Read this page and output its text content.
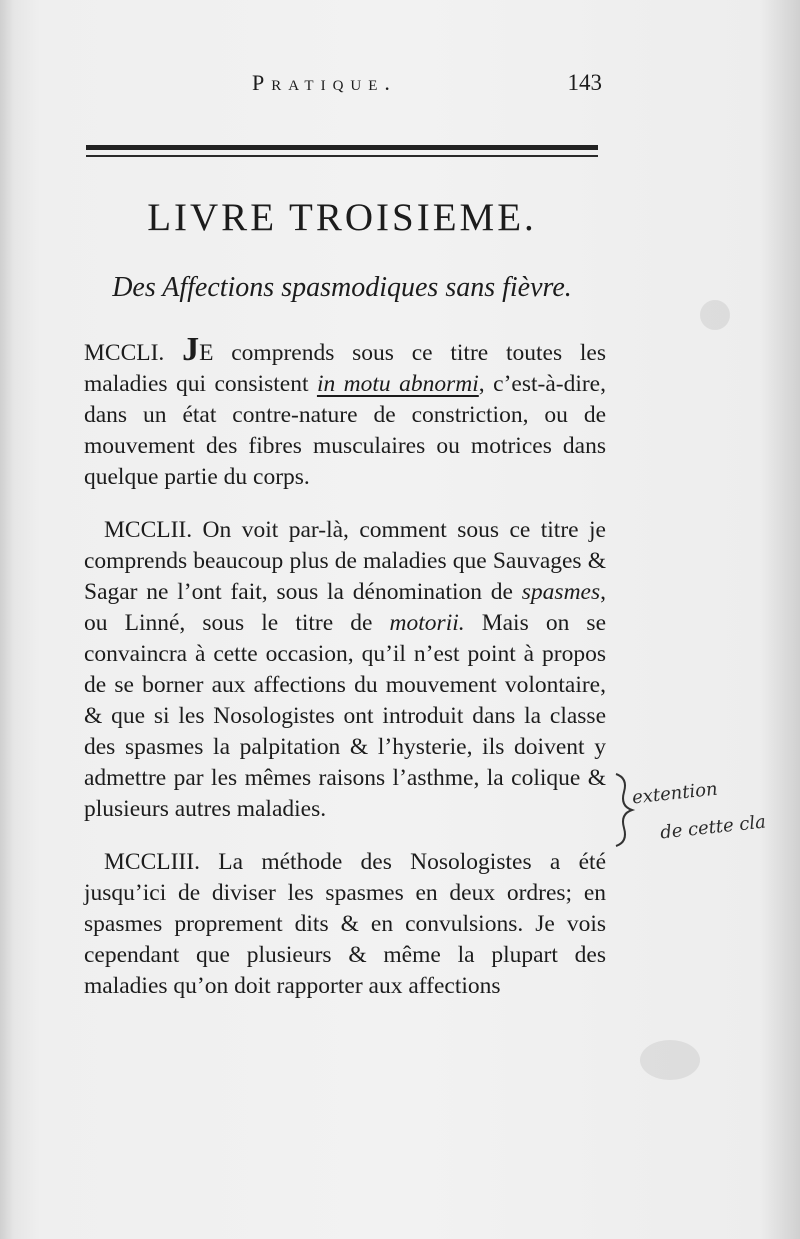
Pratique.	143
LIVRE TROISIEME.
Des Affections spasmodiques sans fièvre.

MCCLI. JE comprends sous ce titre toutes les maladies qui consistent in motu abnormi, c’est-à-dire, dans un état contre-nature de constriction, ou de mouvement des fibres musculaires ou motrices dans quelque partie du corps.

MCCLII. On voit par-là, comment sous ce titre je comprends beaucoup plus de maladies que Sauvages & Sagar ne l’ont fait, sous la dénomination de spasmes, ou Linné, sous le titre de motorii. Mais on se convaincra à cette occasion, qu’il n’est point à propos de se borner aux affections du mouvement volontaire, & que si les Nosologistes ont introduit dans la classe des spasmes la palpitation & l’hysterie, ils doivent y admettre par les mêmes raisons l’asthme, la colique & plusieurs autres maladies.

MCCLIII. La méthode des Nosologistes a été jusqu’ici de diviser les spasmes en deux ordres; en spasmes proprement dits & en convulsions. Je vois cependant que plusieurs & même la plupart des maladies qu’on doit rapporter aux affections

extention
de cette cla
